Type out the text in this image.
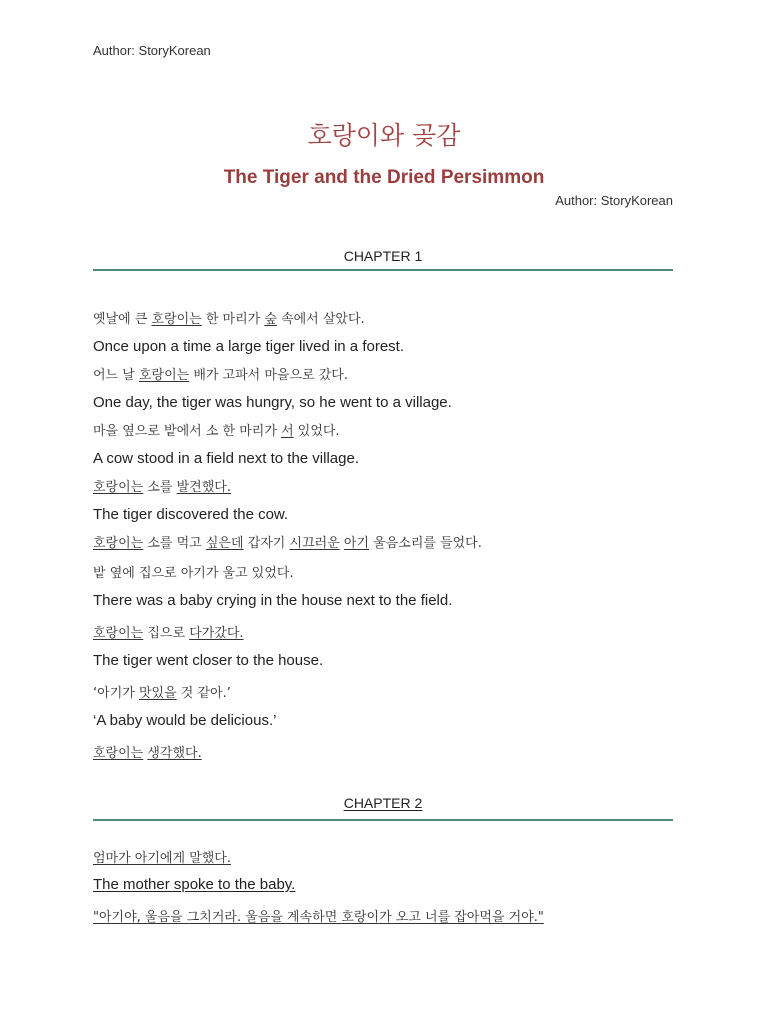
Author: StoryKorean
호랑이와 곶감
The Tiger and the Dried Persimmon
Author: StoryKorean
CHAPTER 1
CHAPTER 2
옛날에 큰 호랑이는 한 마리가 숲 속에서 살았다.
Once upon a time a large tiger lived in a forest.
어느 날 호랑이는 배가 고파서 마을으로 갔다.
One day, the tiger was hungry, so he went to a village.
마을 옆으로 밭에서 소 한 마리가 서 있었다.
A cow stood in a field next to the village.
호랑이는 소를 발견했다.
The tiger discovered the cow.
호랑이는 소를 먹고 싶은데 갑자기 시끄러운 아기 울음소리를 들었다.
밭 옆에 집으로 아기가 울고 있었다.
There was a baby crying in the house next to the field.
호랑이는 집으로 다가갔다.
The tiger went closer to the house.
‘아기가 맛있을 것 같아.’
‘A baby would be delicious.’
호랑이는 생각했다.
엄마가 아기에게 말했다.
The mother spoke to the baby.
"아기야, 울음을 그치거라. 울음을 계속하면 호랑이가 오고 너를 잡아먹을 거야."
